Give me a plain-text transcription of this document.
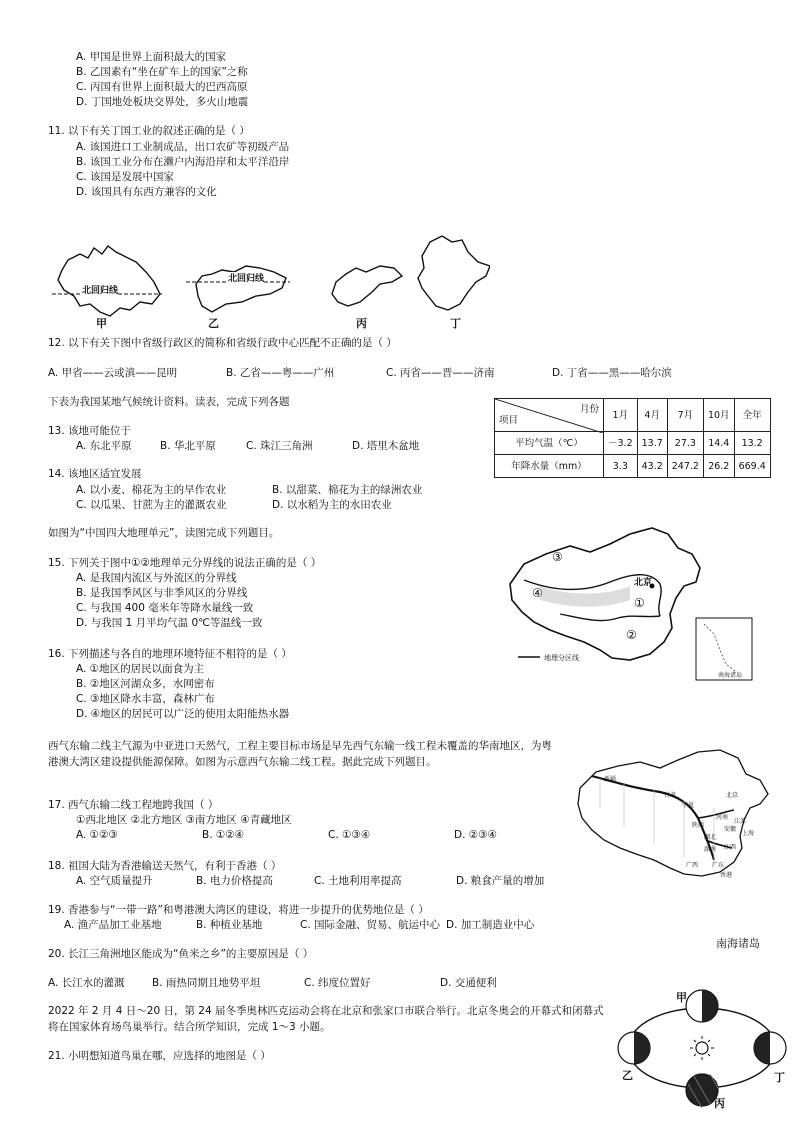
A. 甲国是世界上面积最大的国家
B. 乙国素有“坐在矿车上的国家”之称
C. 丙国有世界上面积最大的巴西高原
D. 丁国地处板块交界处，多火山地震
11. 以下有关丁国工业的叙述正确的是（ ）
A. 该国进口工业制成品，出口农矿等初级产品
B. 该国工业分布在濑户内海沿岸和太平洋沿岸
C. 该国是发展中国家
D. 该国具有东西方兼容的文化
北回归线
北回归线
甲	乙	丙	丁
12. 以下有关下图中省级行政区的简称和省级行政中心匹配不正确的是（ ）
A. 甲省——云或滇——昆明	B. 乙省——粤——广州	C. 丙省——晋——济南	D. 丁省——黑——哈尔滨
下表为我国某地气候统计资料。读表，完成下列各题
月份
项目	1月	4月	7月	10月	全年
平均气温（℃）	－3.2	13.7	27.3	14.4	13.2
年降水量（mm）	3.3	43.2	247.2	26.2	669.4
13. 该地可能位于
A. 东北平原	B. 华北平原	C. 珠江三角洲	D. 塔里木盆地
14. 该地区适宜发展
A. 以小麦、棉花为主的旱作农业	B. 以甜菜、棉花为主的绿洲农业
C. 以瓜果、甘蔗为主的灌溉农业	D. 以水稻为主的水田农业
如图为“中国四大地理单元”，读图完成下列题目。
③
④
①
②
北京
地理分区线
南海诸岛
15. 下列关于图中①②地理单元分界线的说法正确的是（ ）
A. 是我国内流区与外流区的分界线
B. 是我国季风区与非季风区的分界线
C. 与我国 400 毫米年等降水量线一致
D. 与我国 1 月平均气温 0℃等温线一致
16. 下列描述与各自的地理环境特征不相符的是（ ）
A. ①地区的居民以面食为主
B. ②地区河湖众多，水网密布
C. ③地区降水丰富，森林广布
D. ④地区的居民可以广泛的使用太阳能热水器
西气东输二线主气源为中亚进口天然气，工程主要目标市场是早先西气东输一线工程未覆盖的华南地区，为粤港澳大湾区建设提供能源保障。如图为示意西气东输二线工程。据此完成下列题目。
新疆
甘肃
宁夏
北京
河南
陕西
安徽
江苏
上海
湖北
湖南 江西
广西 广东
香港
南海诸岛
17. 西气东输二线工程地跨我国（ ）
①西北地区 ②北方地区 ③南方地区 ④青藏地区
A. ①②③	B. ①②④	C. ①③④	D. ②③④
18. 祖国大陆为香港输送天然气，有利于香港（ ）
A. 空气质量提升	B. 电力价格提高	C. 土地利用率提高	D. 粮食产量的增加
19. 香港参与“一带一路”和粤港澳大湾区的建设，将进一步提升的优势地位是（ ）
A. 渔产品加工业基地	B. 种植业基地	C. 国际金融、贸易、航运中心 D. 加工制造业中心
20. 长江三角洲地区能成为“鱼米之乡”的主要原因是（ ）
A. 长江水的灌溉	B. 雨热同期且地势平坦	C. 纬度位置好	D. 交通便利
2022 年 2 月 4 日～20 日，第 24 届冬季奥林匹克运动会将在北京和张家口市联合举行。北京冬奥会的开幕式和闭幕式将在国家体育场鸟巢举行。结合所学知识，完成 1～3 小题。
21. 小明想知道鸟巢在哪，应选择的地图是（ ）
甲
乙
丙
丁
